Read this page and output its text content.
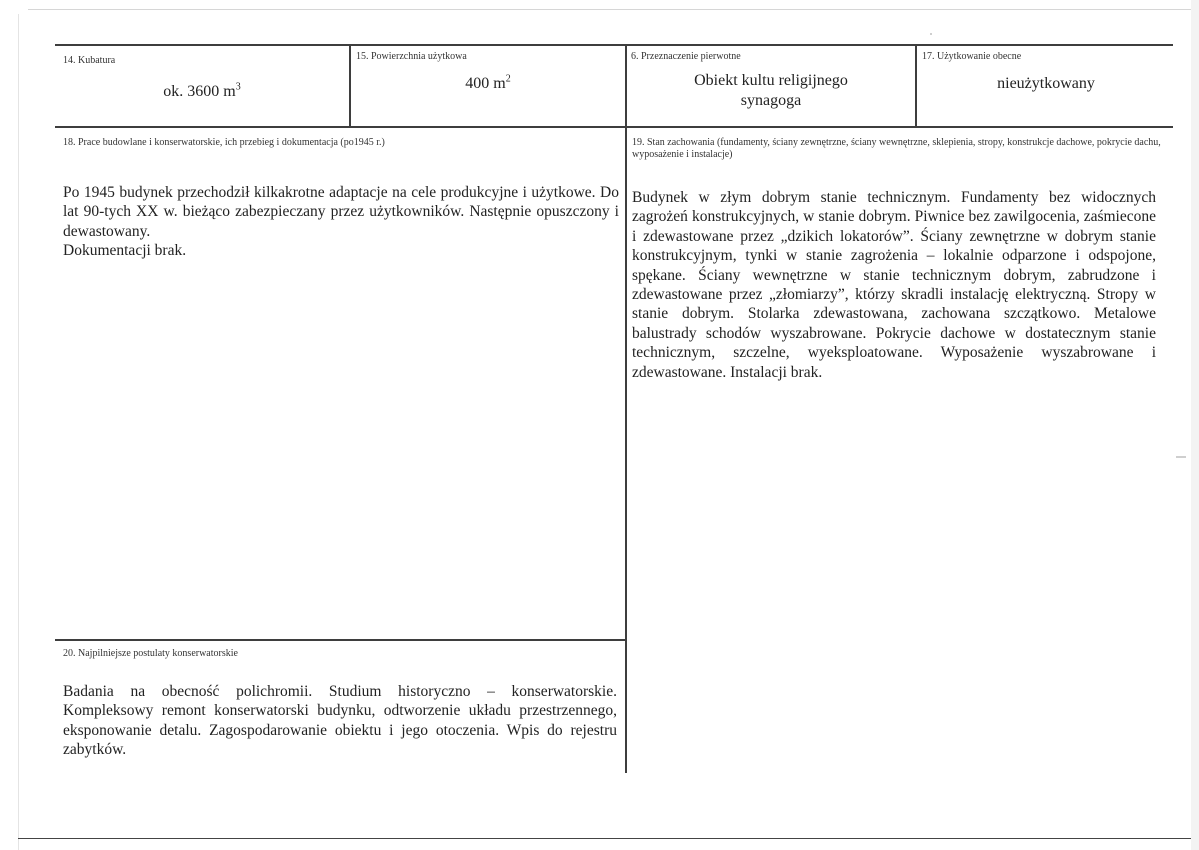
14. Kubatura
ok. 3600 $m^3$
15. Powierzchnia użytkowa
400 $m^2$
6. Przeznaczenie pierwotne
Obiekt kultu religijnego
synagoga
17. Użytkowanie obecne
nieużytkowany
18. Prace budowlane i konserwatorskie, ich przebieg i dokumentacja (po1945 r.)
Po 1945 budynek przechodził kilkakrotne adaptacje na cele produkcyjne i użytkowe. Do lat 90-tych XX w. bieżąco zabezpieczany przez użytkowników. Następnie opuszczony i dewastowany.
Dokumentacji brak.
19. Stan zachowania (fundamenty, ściany zewnętrzne, ściany wewnętrzne, sklepienia, stropy, konstrukcje dachowe, pokrycie dachu, wyposażenie i instalacje)
Budynek w złym dobrym stanie technicznym. Fundamenty bez widocznych zagrożeń konstrukcyjnych, w stanie dobrym. Piwnice bez zawilgocenia, zaśmiecone i zdewastowane przez „dzikich lokatorów”. Ściany zewnętrzne w dobrym stanie konstrukcyjnym, tynki w stanie zagrożenia – lokalnie odparzone i odspojone, spękane. Ściany wewnętrzne w stanie technicznym dobrym, zabrudzone i zdewastowane przez „złomiarzy”, którzy skradli instalację elektryczną. Stropy w stanie dobrym. Stolarka zdewastowana, zachowana szczątkowo. Metalowe balustrady schodów wyszabrowane. Pokrycie dachowe w dostatecznym stanie technicznym, szczelne, wyeksploatowane. Wyposażenie wyszabrowane i zdewastowane. Instalacji brak.
20. Najpilniejsze postulaty konserwatorskie
Badania na obecność polichromii. Studium historyczno – konserwatorskie. Kompleksowy remont konserwatorski budynku, odtworzenie układu przestrzennego, eksponowanie detalu. Zagospodarowanie obiektu i jego otoczenia. Wpis do rejestru zabytków.
